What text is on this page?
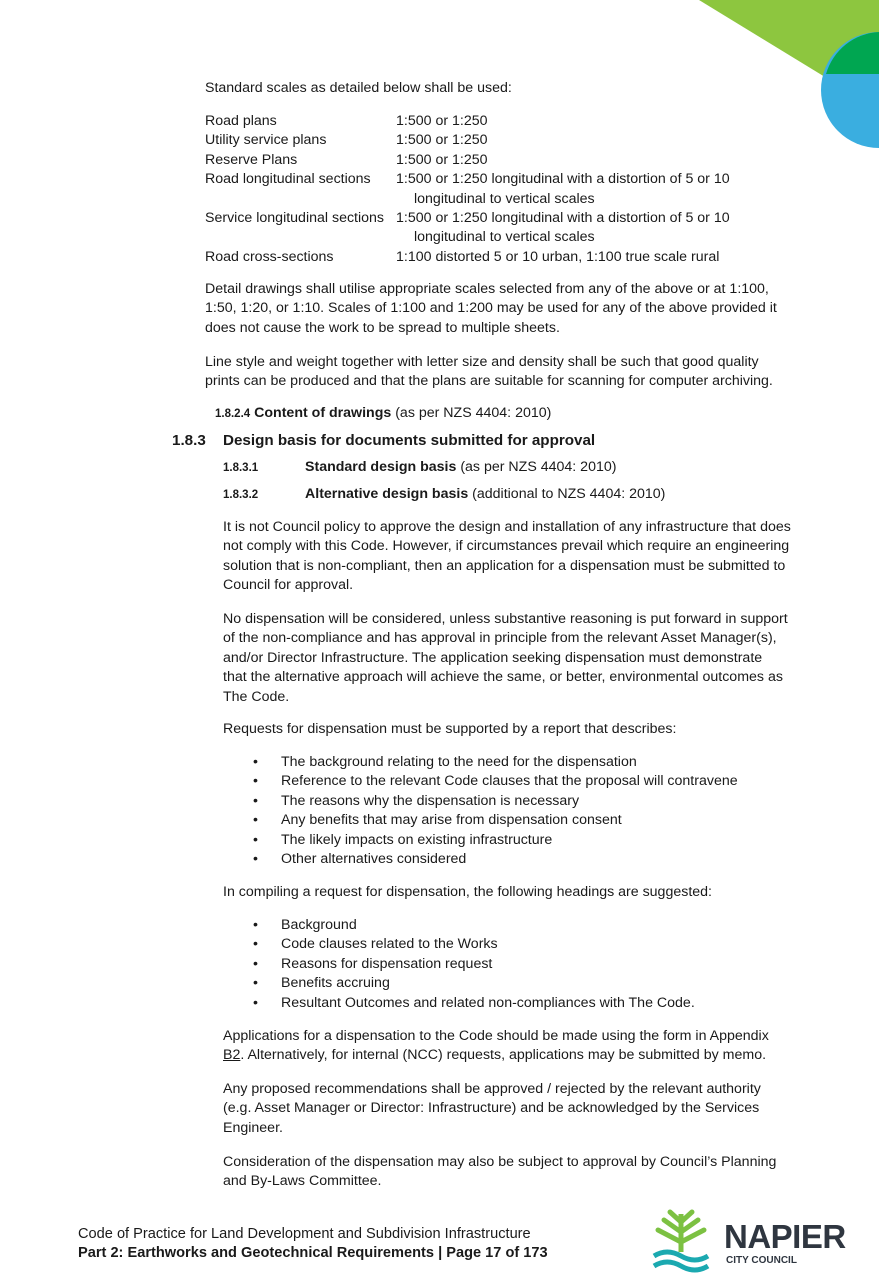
Standard scales as detailed below shall be used:

Road plans	1:500 or 1:250
Utility service plans	1:500 or 1:250
Reserve Plans	1:500 or 1:250
Road longitudinal sections	1:500 or 1:250 longitudinal with a distortion of 5 or 10
longitudinal to vertical scales
Service longitudinal sections 1:500 or 1:250 longitudinal with a distortion of 5 or 10
longitudinal to vertical scales
Road cross-sections	1:100 distorted 5 or 10 urban, 1:100 true scale rural

Detail drawings shall utilise appropriate scales selected from any of the above or at 1:100,

1:50, 1:20, or 1:10. Scales of 1:100 and 1:200 may be used for any of the above provided it

does not cause the work to be spread to multiple sheets.

Line style and weight together with letter size and density shall be such that good quality

prints can be produced and that the plans are suitable for scanning for computer archiving.

1.8.2.4 Content of drawings (as per NZS 4404: 2010)
1.8.3 Design basis for documents submitted for approval
1.8.3.1	Standard design basis (as per NZS 4404: 2010)
1.8.3.2	Alternative design basis (additional to NZS 4404: 2010)

It is not Council policy to approve the design and installation of any infrastructure that does

not comply with this Code. However, if circumstances prevail which require an engineering

solution that is non-compliant, then an application for a dispensation must be submitted to

Council for approval.

No dispensation will be considered, unless substantive reasoning is put forward in support

of the non-compliance and has approval in principle from the relevant Asset Manager(s),

and/or Director Infrastructure. The application seeking dispensation must demonstrate

that the alternative approach will achieve the same, or better, environmental outcomes as

The Code.

Requests for dispensation must be supported by a report that describes:

• The background relating to the need for the dispensation
• Reference to the relevant Code clauses that the proposal will contravene
• The reasons why the dispensation is necessary
• Any benefits that may arise from dispensation consent
• The likely impacts on existing infrastructure
• Other alternatives considered

In compiling a request for dispensation, the following headings are suggested:

• Background
• Code clauses related to the Works
• Reasons for dispensation request
• Benefits accruing
• Resultant Outcomes and related non-compliances with The Code.

Applications for a dispensation to the Code should be made using the form in Appendix

B2. Alternatively, for internal (NCC) requests, applications may be submitted by memo.

Any proposed recommendations shall be approved / rejected by the relevant authority

(e.g. Asset Manager or Director: Infrastructure) and be acknowledged by the Services

Engineer.

Consideration of the dispensation may also be subject to approval by Council’s Planning

and By-Laws Committee.

Code of Practice for Land Development and Subdivision Infrastructure

Part 2: Earthworks and Geotechnical Requirements | Page 17 of 173	NAPIER
CITY COUNCIL
